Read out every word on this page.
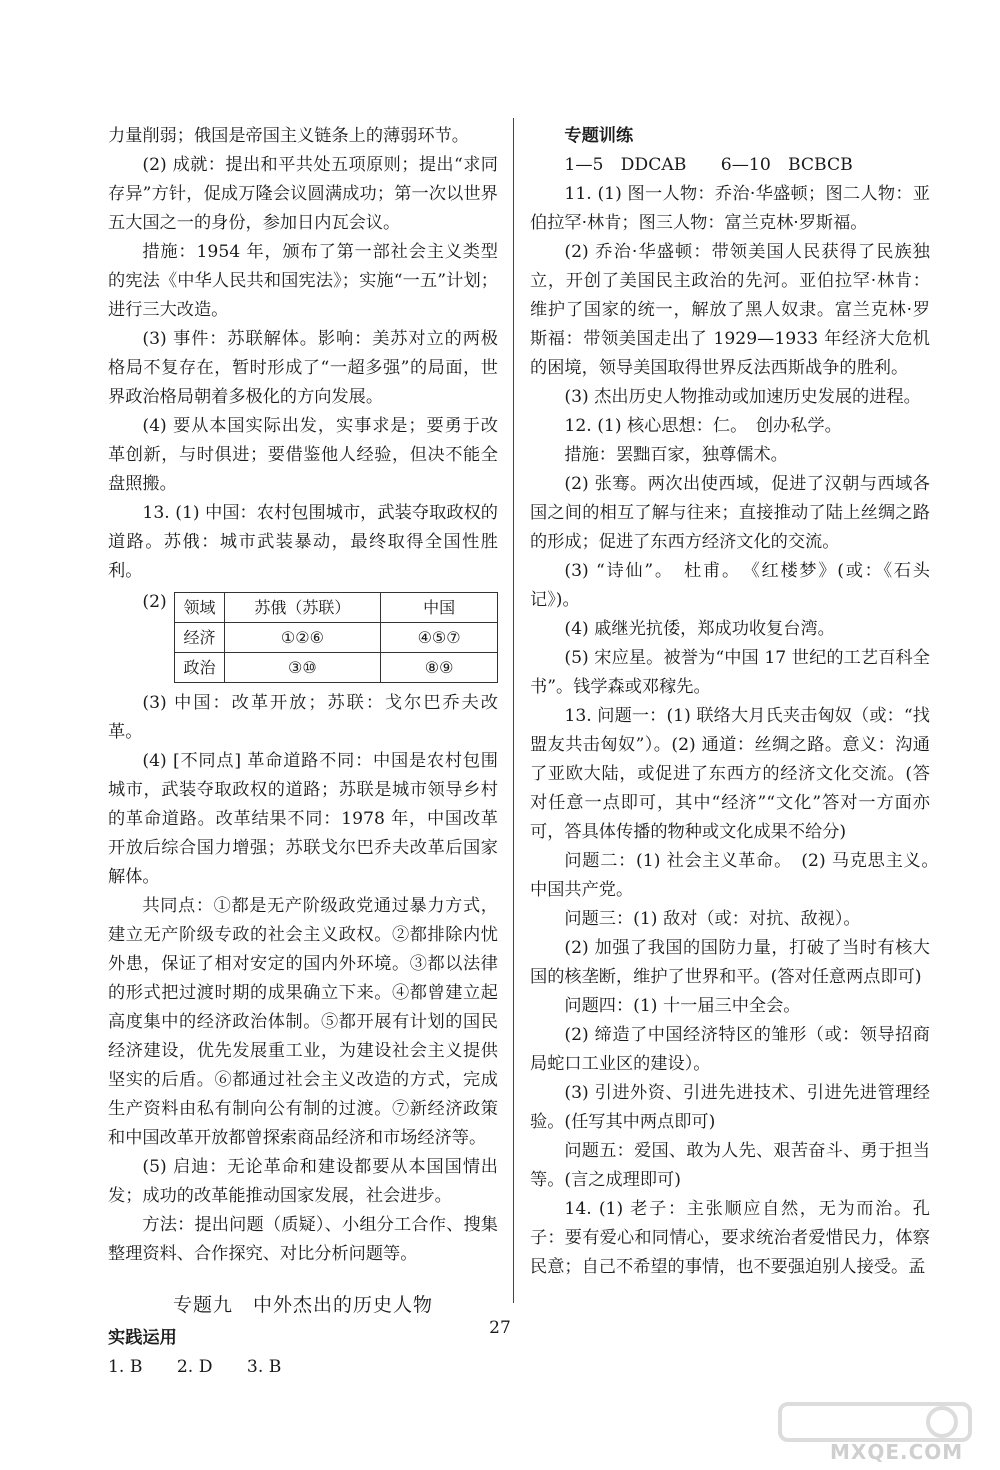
力量削弱；俄国是帝国主义链条上的薄弱环节。

(2) 成就：提出和平共处五项原则；提出“求同存异”方针，促成万隆会议圆满成功；第一次以世界五大国之一的身份，参加日内瓦会议。

措施：1954 年，颁布了第一部社会主义类型的宪法《中华人民共和国宪法》；实施“一五”计划；进行三大改造。

(3) 事件：苏联解体。影响：美苏对立的两极格局不复存在，暂时形成了“一超多强”的局面，世界政治格局朝着多极化的方向发展。

(4) 要从本国实际出发，实事求是；要勇于改革创新，与时俱进；要借鉴他人经验，但决不能全盘照搬。

13. (1) 中国：农村包围城市，武装夺取政权的道路。苏俄：城市武装暴动，最终取得全国性胜利。

(2)	领域	苏俄（苏联）	中国
经济	①②⑥	④⑤⑦
政治	③⑩	⑧⑨

(3) 中国：改革开放；苏联：戈尔巴乔夫改革。

(4) [不同点] 革命道路不同：中国是农村包围城市，武装夺取政权的道路；苏联是城市领导乡村的革命道路。改革结果不同：1978 年，中国改革开放后综合国力增强；苏联戈尔巴乔夫改革后国家解体。

共同点：①都是无产阶级政党通过暴力方式，建立无产阶级专政的社会主义政权。②都排除内忧外患，保证了相对安定的国内外环境。③都以法律的形式把过渡时期的成果确立下来。④都曾建立起高度集中的经济政治体制。⑤都开展有计划的国民经济建设，优先发展重工业，为建设社会主义提供坚实的后盾。⑥都通过社会主义改造的方式，完成生产资料由私有制向公有制的过渡。⑦新经济政策和中国改革开放都曾探索商品经济和市场经济等。

(5) 启迪：无论革命和建设都要从本国国情出发；成功的改革能推动国家发展，社会进步。

方法：提出问题（质疑）、小组分工合作、搜集整理资料、合作探究、对比分析问题等。

专题九　中外杰出的历史人物

实践运用

1. B　　2. D　　3. B

专题训练

1—5　DDCAB　　6—10　BCBCB

11. (1) 图一人物：乔治·华盛顿；图二人物：亚伯拉罕·林肯；图三人物：富兰克林·罗斯福。

(2) 乔治·华盛顿：带领美国人民获得了民族独立，开创了美国民主政治的先河。亚伯拉罕·林肯：维护了国家的统一，解放了黑人奴隶。富兰克林·罗斯福：带领美国走出了 1929—1933 年经济大危机的困境，领导美国取得世界反法西斯战争的胜利。

(3) 杰出历史人物推动或加速历史发展的进程。

12. (1) 核心思想：仁。　创办私学。

措施：罢黜百家，独尊儒术。

(2) 张骞。两次出使西域，促进了汉朝与西域各国之间的相互了解与往来；直接推动了陆上丝绸之路的形成；促进了东西方经济文化的交流。

(3) “诗仙”。　杜甫。　《红楼梦》(或：《石头记》)。

(4) 戚继光抗倭，郑成功收复台湾。

(5) 宋应星。被誉为“中国 17 世纪的工艺百科全书”。钱学森或邓稼先。

13. 问题一：(1) 联络大月氏夹击匈奴（或：“找盟友共击匈奴”）。(2) 通道：丝绸之路。意义：沟通了亚欧大陆，或促进了东西方的经济文化交流。(答对任意一点即可，其中“经济”“文化”答对一方面亦可，答具体传播的物种或文化成果不给分)

问题二：(1) 社会主义革命。　(2) 马克思主义。　中国共产党。

问题三：(1) 敌对（或：对抗、敌视）。

(2) 加强了我国的国防力量，打破了当时有核大国的核垄断，维护了世界和平。(答对任意两点即可)

问题四：(1) 十一届三中全会。

(2) 缔造了中国经济特区的雏形（或：领导招商局蛇口工业区的建设）。

(3) 引进外资、引进先进技术、引进先进管理经验。(任写其中两点即可)

问题五：爱国、敢为人先、艰苦奋斗、勇于担当等。(言之成理即可)

14. (1) 老子：主张顺应自然，无为而治。孔子：要有爱心和同情心，要求统治者爱惜民力，体察民意；自己不希望的事情，也不要强迫别人接受。孟

27
MXQE.COM
